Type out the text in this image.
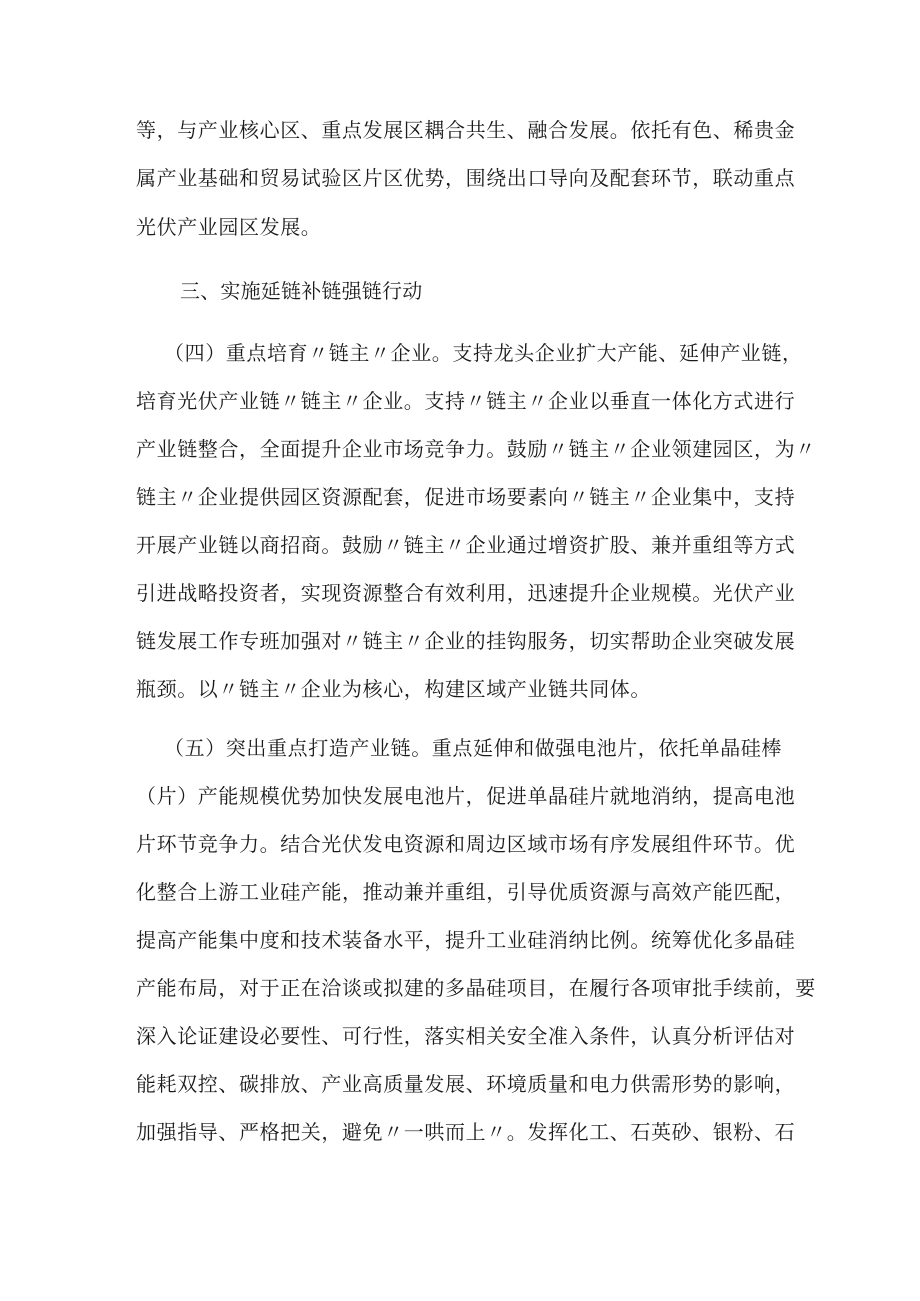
等，与产业核心区、重点发展区耦合共生、融合发展。依托有色、稀贵金
属产业基础和贸易试验区片区优势，围绕出口导向及配套环节，联动重点
光伏产业园区发展。
三、实施延链补链强链行动
（四）重点培育〃链主〃企业。支持龙头企业扩大产能、延伸产业链，
培育光伏产业链〃链主〃企业。支持〃链主〃企业以垂直一体化方式进行
产业链整合，全面提升企业市场竞争力。鼓励〃链主〃企业领建园区，为〃
链主〃企业提供园区资源配套，促进市场要素向〃链主〃企业集中，支持
开展产业链以商招商。鼓励〃链主〃企业通过增资扩股、兼并重组等方式
引进战略投资者，实现资源整合有效利用，迅速提升企业规模。光伏产业
链发展工作专班加强对〃链主〃企业的挂钩服务，切实帮助企业突破发展
瓶颈。以〃链主〃企业为核心，构建区域产业链共同体。
（五）突出重点打造产业链。重点延伸和做强电池片，依托单晶硅棒
（片）产能规模优势加快发展电池片，促进单晶硅片就地消纳，提高电池
片环节竞争力。结合光伏发电资源和周边区域市场有序发展组件环节。优
化整合上游工业硅产能，推动兼并重组，引导优质资源与高效产能匹配，
提高产能集中度和技术装备水平，提升工业硅消纳比例。统筹优化多晶硅
产能布局，对于正在洽谈或拟建的多晶硅项目，在履行各项审批手续前，要
深入论证建设必要性、可行性，落实相关安全准入条件，认真分析评估对
能耗双控、碳排放、产业高质量发展、环境质量和电力供需形势的影响，
加强指导、严格把关，避免〃一哄而上〃。发挥化工、石英砂、银粉、石
